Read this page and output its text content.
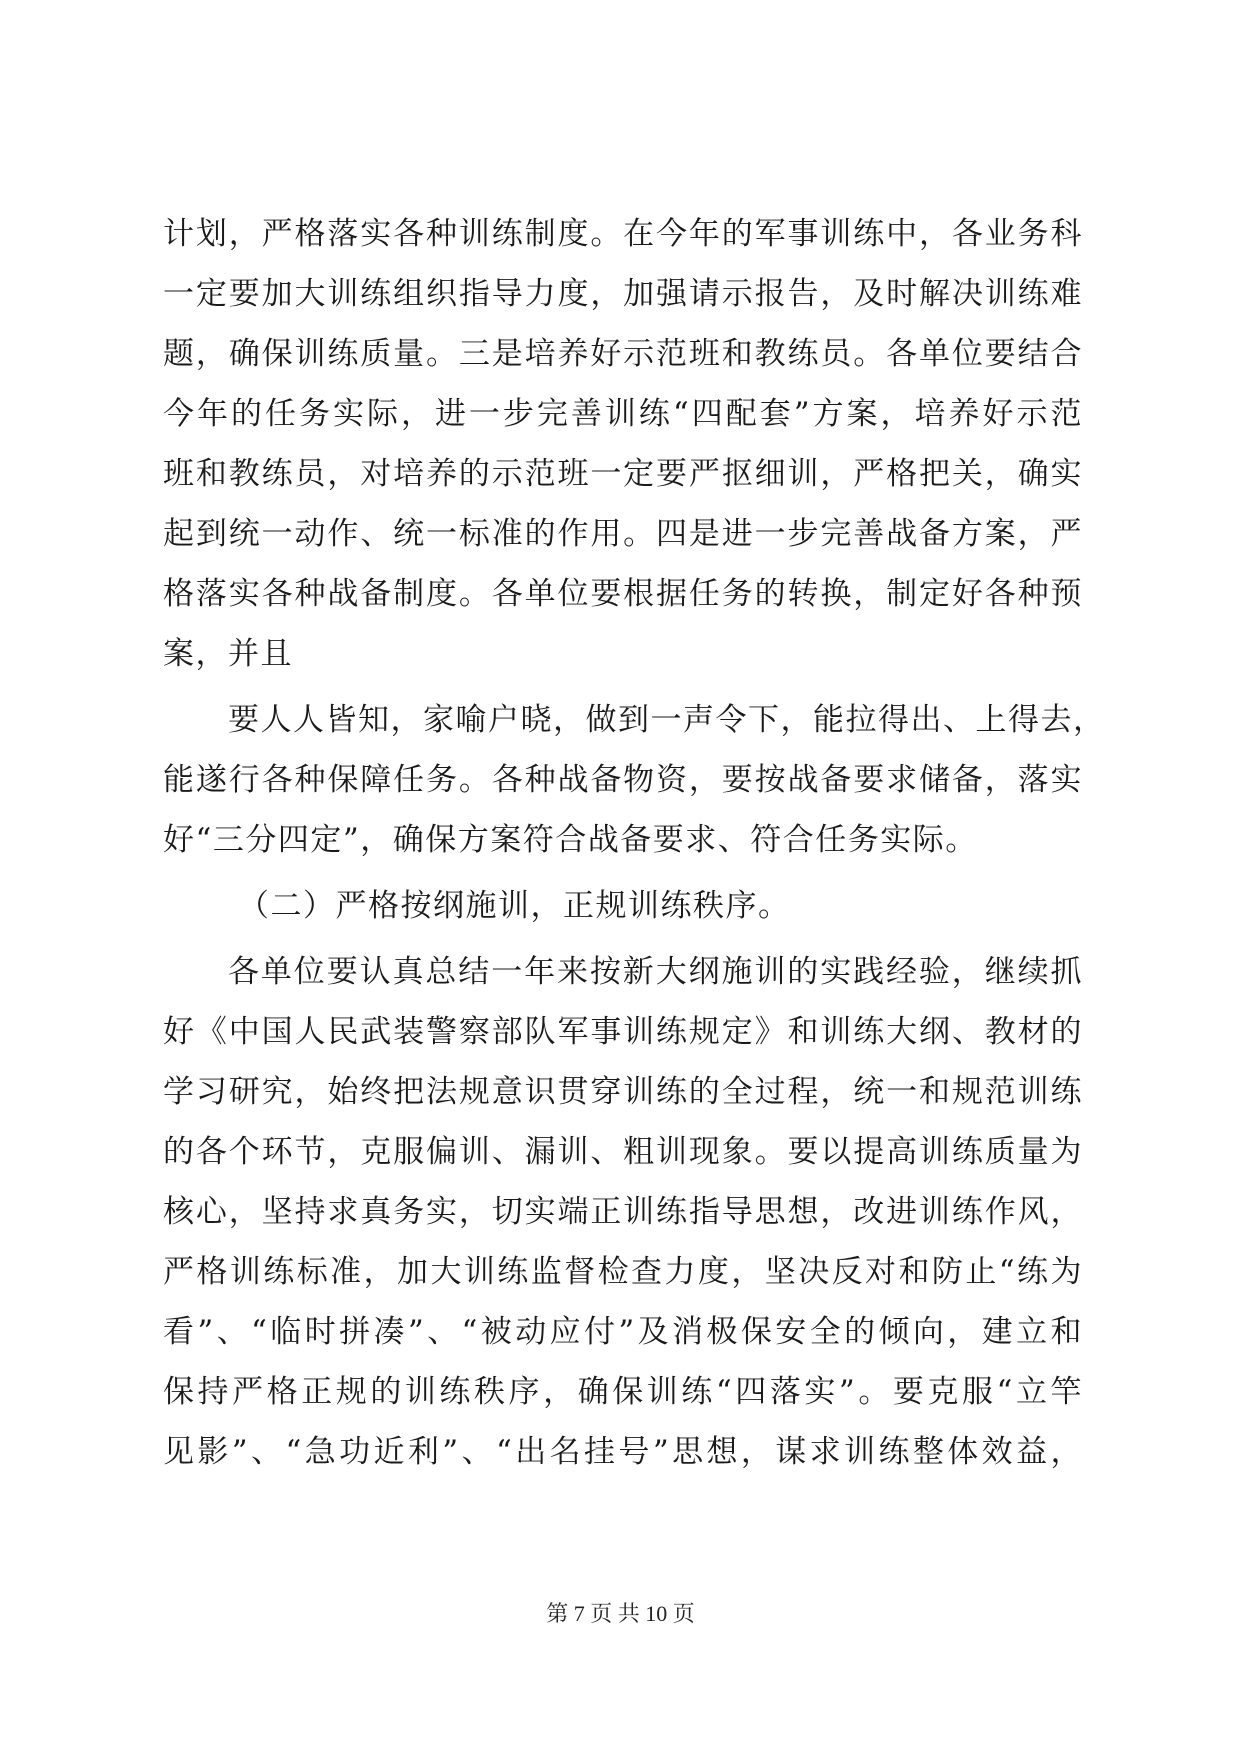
计划，严格落实各种训练制度。在今年的军事训练中，各业务科
一定要加大训练组织指导力度，加强请示报告，及时解决训练难
题，确保训练质量。三是培养好示范班和教练员。各单位要结合
今年的任务实际，进一步完善训练“四配套”方案，培养好示范
班和教练员，对培养的示范班一定要严抠细训，严格把关，确实
起到统一动作、统一标准的作用。四是进一步完善战备方案，严
格落实各种战备制度。各单位要根据任务的转换，制定好各种预
案，并且
要人人皆知，家喻户晓，做到一声令下，能拉得出、上得去，
能遂行各种保障任务。各种战备物资，要按战备要求储备，落实
好“三分四定”，确保方案符合战备要求、符合任务实际。
（二）严格按纲施训，正规训练秩序。
各单位要认真总结一年来按新大纲施训的实践经验，继续抓
好《中国人民武装警察部队军事训练规定》和训练大纲、教材的
学习研究，始终把法规意识贯穿训练的全过程，统一和规范训练
的各个环节，克服偏训、漏训、粗训现象。要以提高训练质量为
核心，坚持求真务实，切实端正训练指导思想，改进训练作风，
严格训练标准，加大训练监督检查力度，坚决反对和防止“练为
看”、“临时拼凑”、“被动应付”及消极保安全的倾向，建立和
保持严格正规的训练秩序，确保训练“四落实”。要克服“立竿
见影”、“急功近利”、“出名挂号”思想，谋求训练整体效益，
第 7 页 共 10 页
